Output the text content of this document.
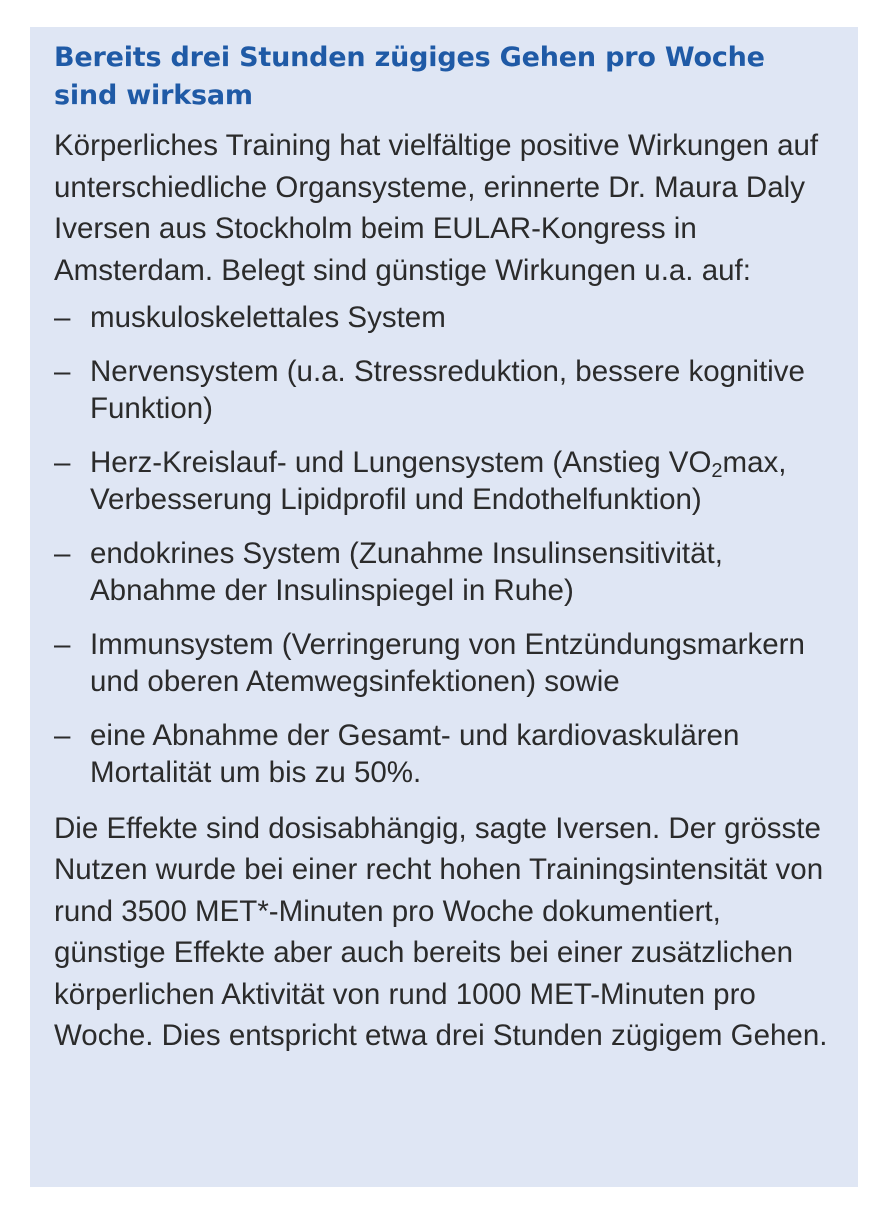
Bereits drei Stunden zügiges Gehen pro Woche sind wirksam

Körperliches Training hat vielfältige positive Wirkungen auf unterschiedliche Organsysteme, erinnerte Dr. Maura Daly Iversen aus Stockholm beim EULAR-Kongress in Amsterdam. Belegt sind günstige Wirkungen u.a. auf:

– muskuloskelettales System
– Nervensystem (u.a. Stressreduktion, bessere kognitive Funktion)
– Herz-Kreislauf- und Lungensystem (Anstieg $VO_2\max$, Verbesserung Lipidprofil und Endothelfunktion)
– endokrines System (Zunahme Insulinsensitivität, Abnahme der Insulinspiegel in Ruhe)
– Immunsystem (Verringerung von Entzündungsmarkern und oberen Atemwegsinfektionen) sowie
– eine Abnahme der Gesamt- und kardiovaskulären Mortalität um bis zu 50%.

Die Effekte sind dosisabhängig, sagte Iversen. Der grösste Nutzen wurde bei einer recht hohen Trainingsintensität von rund 3500 MET*-Minuten pro Woche dokumentiert, günstige Effekte aber auch bereits bei einer zusätzlichen körperlichen Aktivität von rund 1000 MET-Minuten pro Woche. Dies entspricht etwa drei Stunden zügigem Gehen.
